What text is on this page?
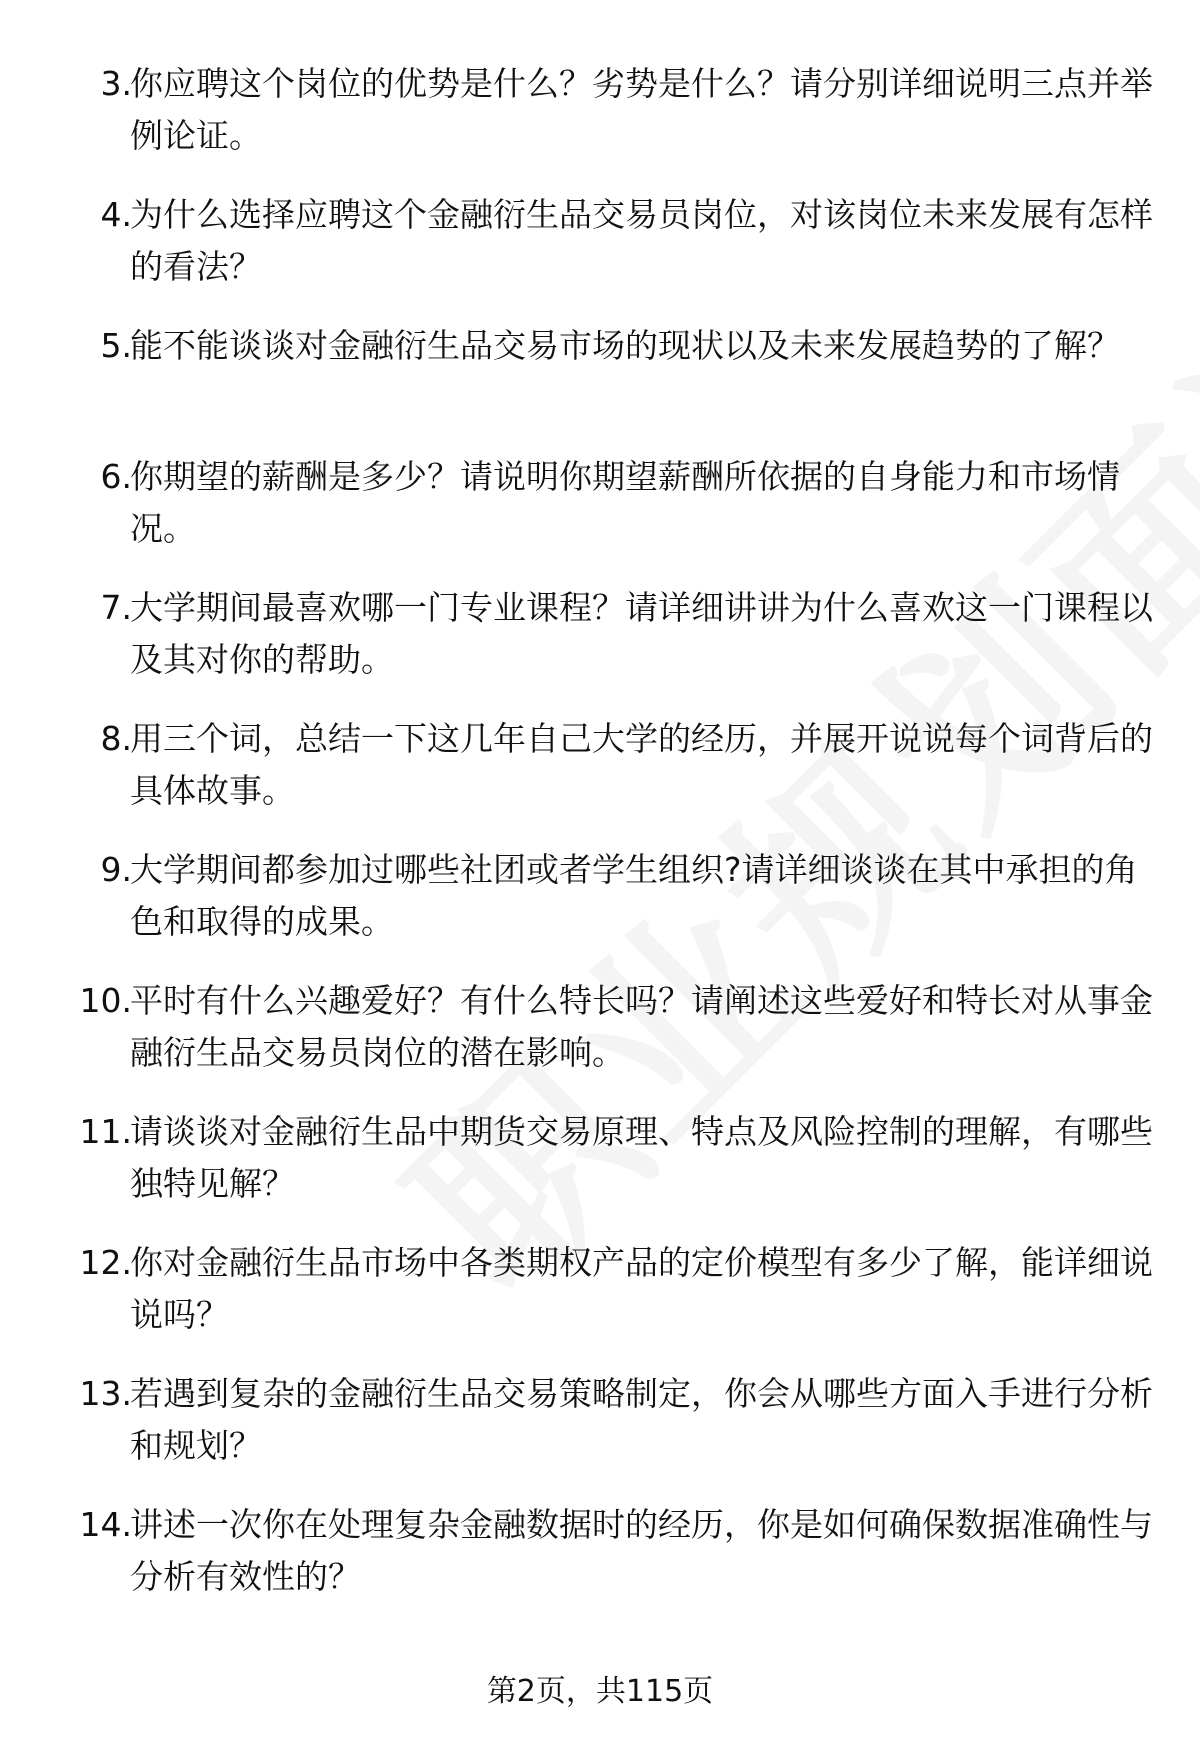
3.
你应聘这个岗位的优势是什么？劣势是什么？请分别详细说明三点并举例论证。
4.
为什么选择应聘这个金融衍生品交易员岗位，对该岗位未来发展有怎样的看法？
5.
能不能谈谈对金融衍生品交易市场的现状以及未来发展趋势的了解？
6.
你期望的薪酬是多少？请说明你期望薪酬所依据的自身能力和市场情况。
7.
大学期间最喜欢哪一门专业课程？请详细讲讲为什么喜欢这一门课程以及其对你的帮助。
8.
用三个词，总结一下这几年自己大学的经历，并展开说说每个词背后的具体故事。
9.
大学期间都参加过哪些社团或者学生组织?请详细谈谈在其中承担的角色和取得的成果。
10.
平时有什么兴趣爱好？有什么特长吗？请阐述这些爱好和特长对从事金融衍生品交易员岗位的潜在影响。
11.
请谈谈对金融衍生品中期货交易原理、特点及风险控制的理解，有哪些独特见解？
12.
你对金融衍生品市场中各类期权产品的定价模型有多少了解，能详细说说吗？
13.
若遇到复杂的金融衍生品交易策略制定，你会从哪些方面入手进行分析和规划？
14.
讲述一次你在处理复杂金融数据时的经历，你是如何确保数据准确性与分析有效性的？
第2页，共115页
